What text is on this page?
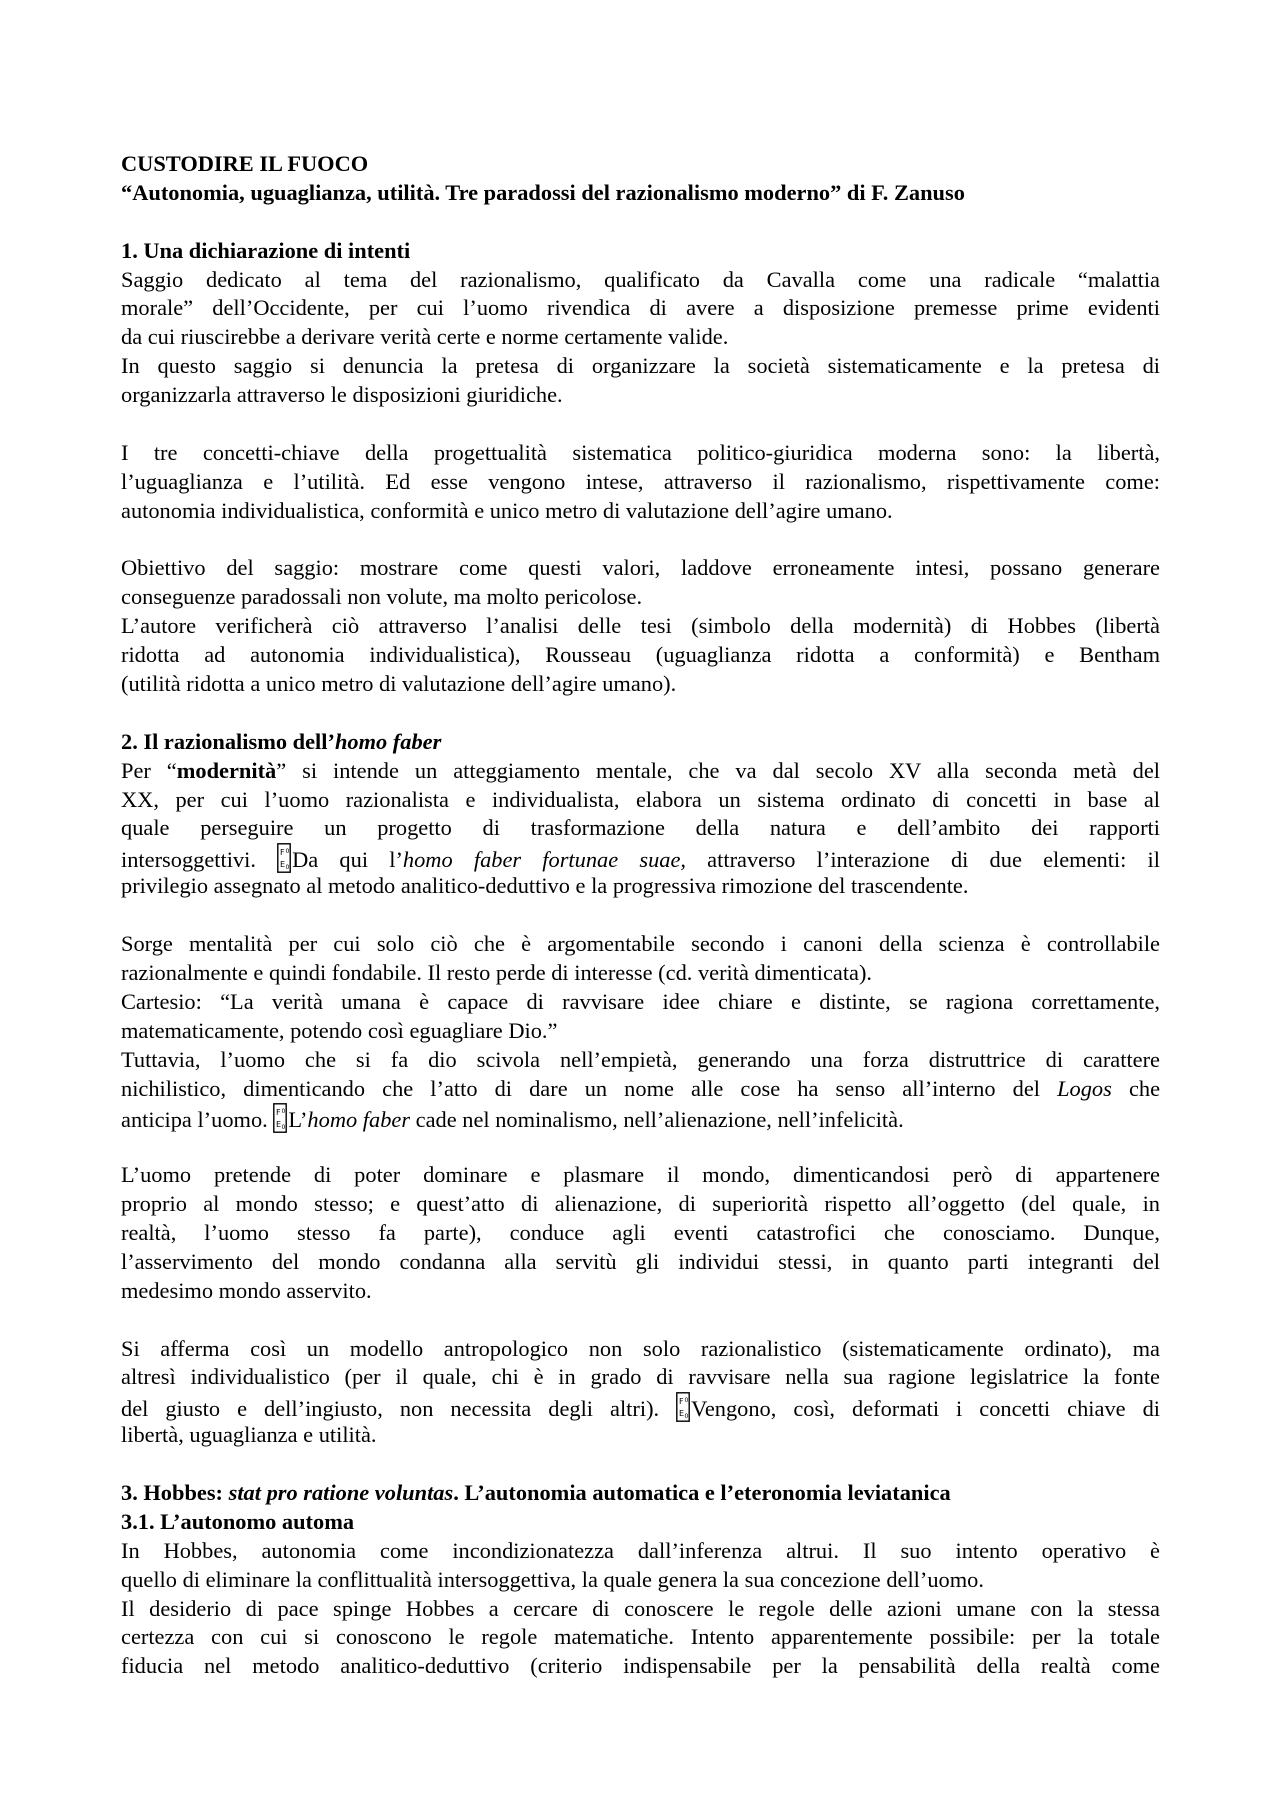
CUSTODIRE IL FUOCO
“Autonomia, uguaglianza, utilità. Tre paradossi del razionalismo moderno” di F. Zanuso
1. Una dichiarazione di intenti
Saggio dedicato al tema del razionalismo, qualificato da Cavalla come una radicale “malattia
morale” dell’Occidente, per cui l’uomo rivendica di avere a disposizione premesse prime evidenti
da cui riuscirebbe a derivare verità certe e norme certamente valide.
In questo saggio si denuncia la pretesa di organizzare la società sistematicamente e la pretesa di
organizzarla attraverso le disposizioni giuridiche.
I tre concetti-chiave della progettualità sistematica politico-giuridica moderna sono: la libertà,
l’uguaglianza e l’utilità. Ed esse vengono intese, attraverso il razionalismo, rispettivamente come:
autonomia individualistica, conformità e unico metro di valutazione dell’agire umano.
Obiettivo del saggio: mostrare come questi valori, laddove erroneamente intesi, possano generare
conseguenze paradossali non volute, ma molto pericolose.
L’autore verificherà ciò attraverso l’analisi delle tesi (simbolo della modernità) di Hobbes (libertà
ridotta ad autonomia individualistica), Rousseau (uguaglianza ridotta a conformità) e Bentham
(utilità ridotta a unico metro di valutazione dell’agire umano).
2. Il razionalismo dell’homo faber
Per “modernità” si intende un atteggiamento mentale, che va dal secolo XV alla seconda metà del
XX, per cui l’uomo razionalista e individualista, elabora un sistema ordinato di concetti in base al
quale perseguire un progetto di trasformazione della natura e dell’ambito dei rapporti
intersoggettivi. Da qui l’homo faber fortunae suae, attraverso l’interazione di due elementi: il
privilegio assegnato al metodo analitico-deduttivo e la progressiva rimozione del trascendente.
Sorge mentalità per cui solo ciò che è argomentabile secondo i canoni della scienza è controllabile
razionalmente e quindi fondabile. Il resto perde di interesse (cd. verità dimenticata).
Cartesio: “La verità umana è capace di ravvisare idee chiare e distinte, se ragiona correttamente,
matematicamente, potendo così eguagliare Dio.”
Tuttavia, l’uomo che si fa dio scivola nell’empietà, generando una forza distruttrice di carattere
nichilistico, dimenticando che l’atto di dare un nome alle cose ha senso all’interno del Logos che
anticipa l’uomo. L’homo faber cade nel nominalismo, nell’alienazione, nell’infelicità.
L’uomo pretende di poter dominare e plasmare il mondo, dimenticandosi però di appartenere
proprio al mondo stesso; e quest’atto di alienazione, di superiorità rispetto all’oggetto (del quale, in
realtà, l’uomo stesso fa parte), conduce agli eventi catastrofici che conosciamo. Dunque,
l’asservimento del mondo condanna alla servitù gli individui stessi, in quanto parti integranti del
medesimo mondo asservito.
Si afferma così un modello antropologico non solo razionalistico (sistematicamente ordinato), ma
altresì individualistico (per il quale, chi è in grado di ravvisare nella sua ragione legislatrice la fonte
del giusto e dell’ingiusto, non necessita degli altri). Vengono, così, deformati i concetti chiave di
libertà, uguaglianza e utilità.
3. Hobbes: stat pro ratione voluntas. L’autonomia automatica e l’eteronomia leviatanica
3.1. L’autonomo automa
In Hobbes, autonomia come incondizionatezza dall’inferenza altrui. Il suo intento operativo è
quello di eliminare la conflittualità intersoggettiva, la quale genera la sua concezione dell’uomo.
Il desiderio di pace spinge Hobbes a cercare di conoscere le regole delle azioni umane con la stessa
certezza con cui si conoscono le regole matematiche. Intento apparentemente possibile: per la totale
fiducia nel metodo analitico-deduttivo (criterio indispensabile per la pensabilità della realtà come
